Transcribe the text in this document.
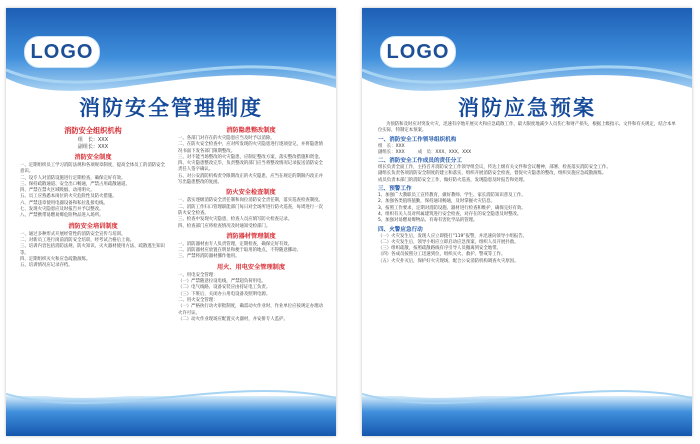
LOGO
消防安全管理制度
消防安全组织机构
组　长：XXX
副组长：XXX
消防安全制度

一、定期组织员工学习消防法规和各项规章制度，提高全体员工的消防安全意识。

二、设专人对消防设施进行定期检查，确保完好有效。

三、保持疏散通道、安全出口畅通，严禁占用疏散通道。

四、严禁在禁火区域吸烟、动用明火。

五、员工应熟悉本岗位的火灾危险性及防火措施。

六、严禁违章使用电器设备和私拉乱接电线。

七、发现火灾隐患应及时报告并予以整改。

八、严禁携带易燃易爆危险物品进入场所。

消防安全培训制度

一、通过多种形式开展经常性的消防安全宣传与培训。

二、对新员工进行岗前消防安全培训，经考试合格后上岗。

三、培训内容包括消防法规、防火知识、灭火器材使用方法、疏散逃生知识等。

四、定期组织灭火和应急疏散演练。

五、培训情况应记录存档。

消防隐患整改制度

一、各部门对存在的火灾隐患应当及时予以消除。

二、在防火安全检查中，应对所发现的火灾隐患进行逐项登记，并将隐患情况书面下发各部门限期整改。

三、对不能当场整改的火灾隐患，应制定整改方案，落实整改措施和资金。

四、火灾隐患整改完毕，负责整改的部门应当将整改情况记录报送消防安全责任人签字确认。

五、对公安消防机构责令限期改正的火灾隐患，应当在规定的期限内改正并写出隐患整改的复函。

防火安全检查制度

一、落实逐级消防安全责任制和岗位消防安全责任制，落实巡查检查制度。

二、消防工作归口管理职能部门每日对全场所进行防火巡查，每周进行一次防火安全检查。

三、检查中发现火灾隐患，检查人员应填写防火检查记录。

四、检查部门应将检查情况及时通知受检部门。

消防器材管理制度

一、消防器材由专人负责管理，定期检查，确保完好有效。

二、消防器材应放置在明显和便于取用的地点，不得随意挪动。

三、严禁将消防器材挪作他用。

用火、用电安全管理制度

一、用电安全管理：

（一）严禁随意拉设电线，严禁超负荷用电。

（二）电气线路、设备安装应由持证电工负责。

（三）下班后，关闭办公用电设备及照明电源。

二、用火安全管理：

（一）严格执行动火审批制度，确需动火作业时，作业单位应按规定办理动火许可证。

（二）动火作业现场应配置灭火器材，并安排专人监护。

LOGO
消防应急预案

为预防和及时应对突发火灾，迅速有序地开展灭火和应急疏散工作，最大限度地减少人员伤亡和财产损失，根据上级指示、文件和有关规定，结合本单位实际，特制定本预案。

一、消防安全工作领导组织机构

组　长：XXX

副组长：XXX　　　成　员：XXX、XXX、XXX

二、消防安全工作成员的责任分工

组长负责全面工作，主持召开消防安全工作领导组会议，传达上级有关文件和会议精神，部署、检查落实消防安全工作。

副组长负责各项消防安全制度的建立和落实，组织开展消防安全检查，督促火灾隐患的整改，组织实施应急疏散演练。

成员负责本部门的消防安全工作，做好防火巡查，发现隐患及时报告和处理。

三、预警工作

1、加强广大教职员工宣传教育，做好教师、学生、家长消防知识普及工作。

2、加强各类值班值勤，保持通讯畅通，及时掌握火灾信息。

3、按照工作要求，定期对消防设施、器材进行检查和维护，确保完好有效。

4、组织有关人员对所属建筑进行安全检查，对存在的安全隐患及时整改。

5、加强对易燃易爆物品、有毒有害化学品的管理。

四、火警应急行动

（一）火灾发生后，发现人应立即拨打“119”报警，并迅速向领导小组报告。

（二）火灾发生后，领导小组应立即启动应急预案，组织人员开展扑救。

（三）组织疏散，按照疏散路线有序引导人员撤离到安全地带。

（四）各成员按照分工迅速到位，组织灭火、救护、警戒等工作。

（五）火灾扑灭后，保护好火灾现场，配合公安消防机构调查火灾原因。
